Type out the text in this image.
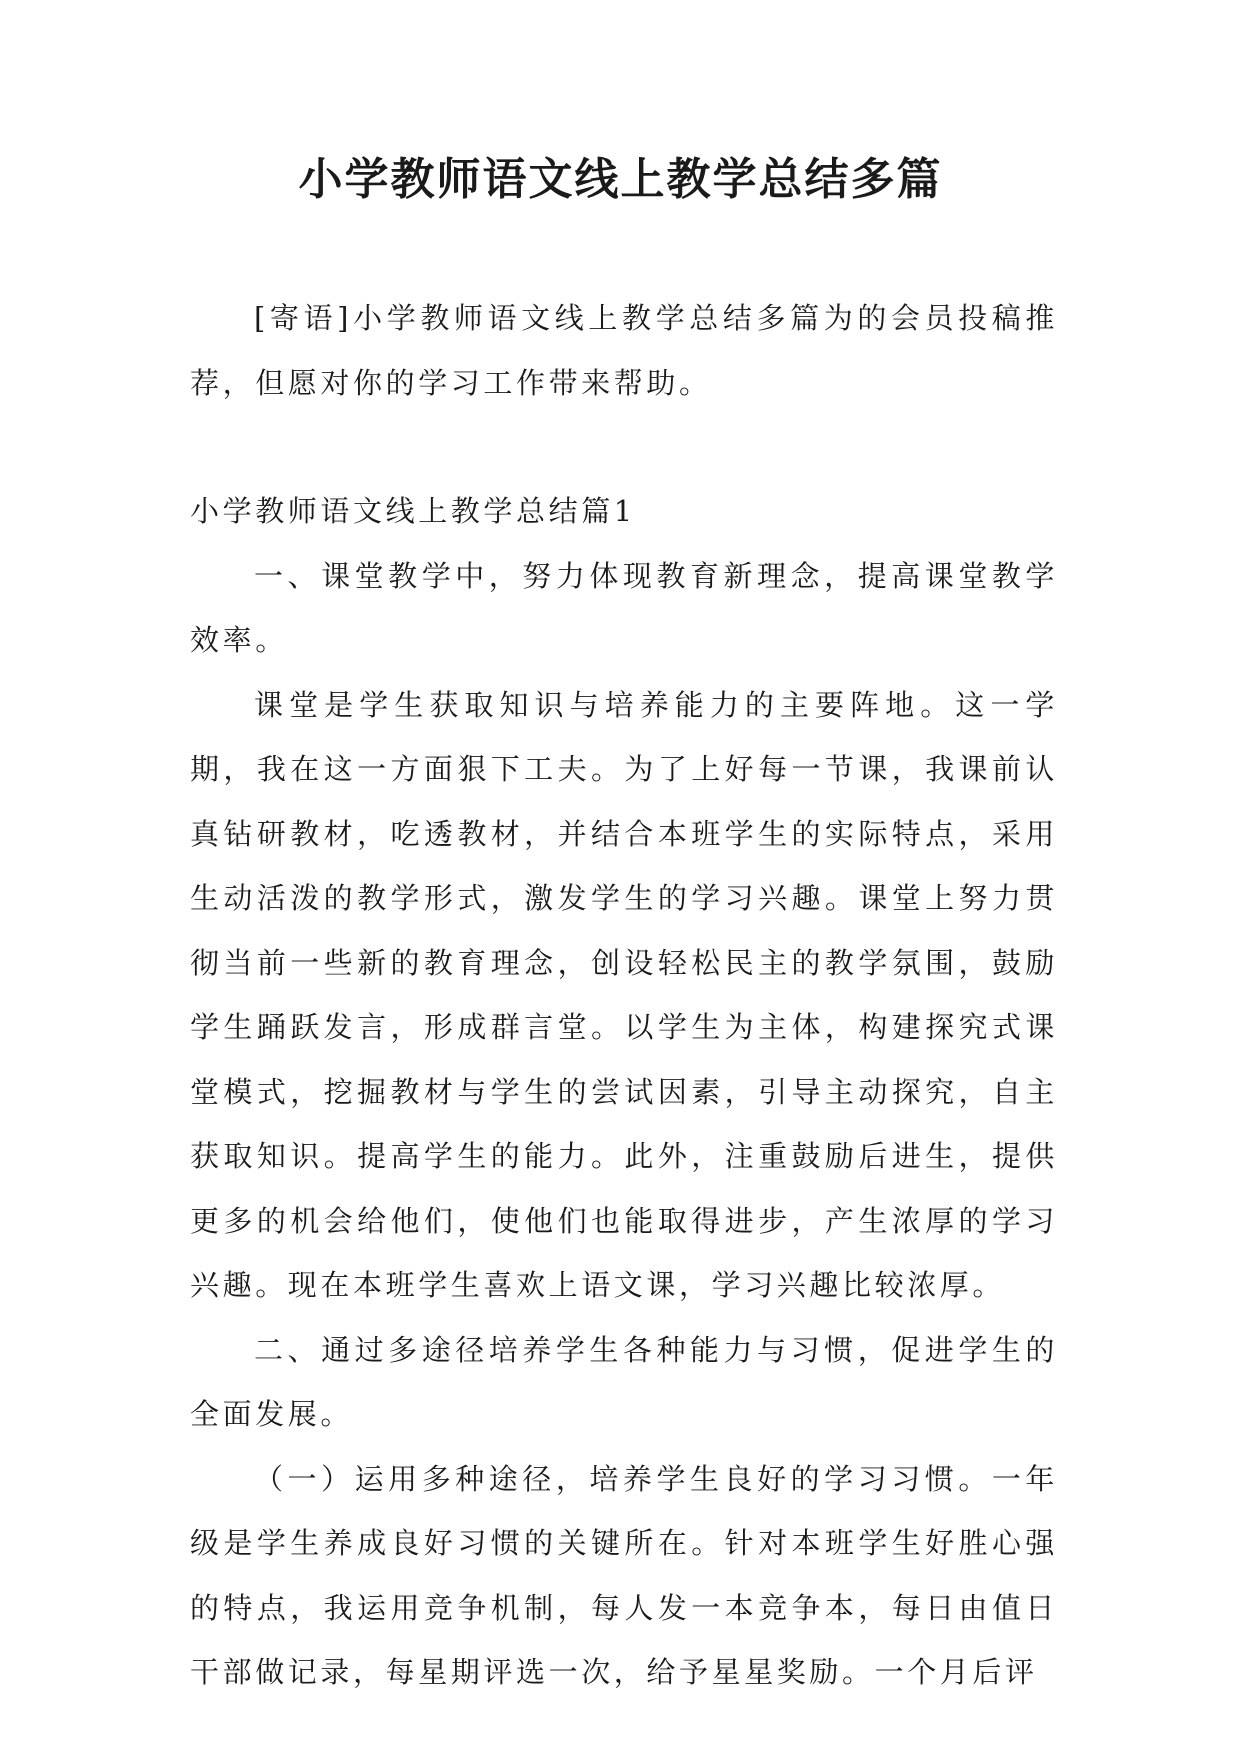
小学教师语文线上教学总结多篇

[寄语]小学教师语文线上教学总结多篇为的会员投稿推荐，但愿对你的学习工作带来帮助。

小学教师语文线上教学总结篇1

一、课堂教学中，努力体现教育新理念，提高课堂教学效率。

课堂是学生获取知识与培养能力的主要阵地。这一学期，我在这一方面狠下工夫。为了上好每一节课，我课前认真钻研教材，吃透教材，并结合本班学生的实际特点，采用生动活泼的教学形式，激发学生的学习兴趣。课堂上努力贯彻当前一些新的教育理念，创设轻松民主的教学氛围，鼓励学生踊跃发言，形成群言堂。以学生为主体，构建探究式课堂模式，挖掘教材与学生的尝试因素，引导主动探究，自主获取知识。提高学生的能力。此外，注重鼓励后进生，提供更多的机会给他们，使他们也能取得进步，产生浓厚的学习兴趣。现在本班学生喜欢上语文课，学习兴趣比较浓厚。

二、通过多途径培养学生各种能力与习惯，促进学生的全面发展。

（一）运用多种途径，培养学生良好的学习习惯。一年级是学生养成良好习惯的关键所在。针对本班学生好胜心强的特点，我运用竞争机制，每人发一本竞争本，每日由值日干部做记录，每星期评选一次，给予星星奖励。一个月后评
